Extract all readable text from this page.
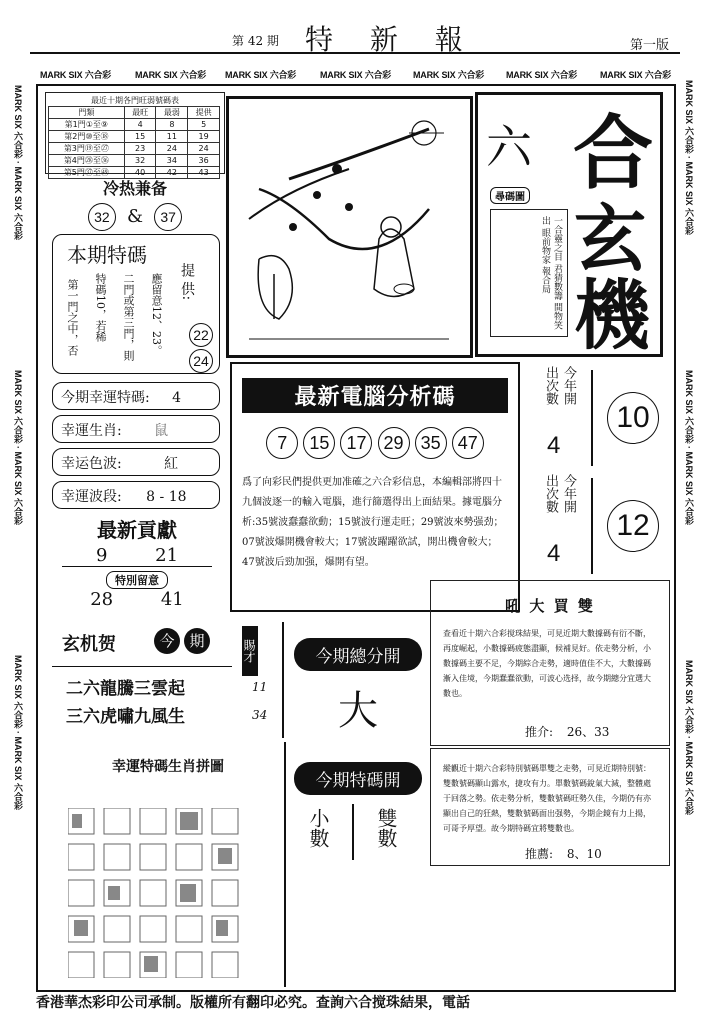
MARK SIX 六合彩	MARK SIX 六合彩 MARK SIX 六合彩	MARK SIX 六合彩 MARK SIX 六合彩 MARK SIX 六合彩	MARK SIX 六合彩
MARK SIX 六合彩 · MARK SIX 六合彩
MARK SIX 六合彩 · MARK SIX 六合彩
MARK SIX 六合彩 · MARK SIX 六合彩
MARK SIX 六合彩 · MARK SIX 六合彩
MARK SIX 六合彩 · MARK SIX 六合彩
MARK SIX 六合彩 · MARK SIX 六合彩
第 42 期 特 新 報	第一版
最近十期各門旺弱號碼表
門類	最旺	最弱	提供
第1門①至⑨	4	8	5
第2門⑩至⑱	15	11	19
第3門⑲至㉗	23	24	24
第4門㉘至㊱	32	34	36
第5門㊲至㊾	40	42	43
冷热兼备
32 & 37
本期特碼
提 供:
第一門之中，否 特碼10，若稀 二門或第三門，則 應留意12、23。	22
24
今期幸運特碼: 4
幸運生肖: 鼠
幸运色波:	紅
幸運波段: 8 - 18
最新貢獻
9	21
特別留意
28	41
六 合
玄
機
尋碼圖
一合靈之目 君猜數籌 間物笑出 眼前物家 報合局
最新電腦分析碼
7 15 17 29 35 47
爲了向彩民們提供更加准確之六合彩信息，本編輯部將四十九個波逐一的輸入電腦，進行篩選得出上面結果。據電腦分析:35號波蠢蠢欲動；15號波行運走旺；29號波來勢强劲；07號波爆開機會較大；17號波躍躍欲試，開出機會較大；47號波后勁加强，爆開有望。
出次數 今年開
4
10
出次數 今年開
4
12
玄机贺	今 期	賜才
二六龍騰三雲起	11
三六虎嘯九風生	34
今期總分開
大
吼 大 買 雙
查看近十期六合彩搅珠結果，可見近期大數據碼有衍不斷，再度崛起，小數據碼疲態盡顯，候補見好。依走勢分析，小數據碼主要不足，今期綜合走勢，適時值佳不大，大數據碼漸入佳境，今期蠢蠢欲動，可波心选择，故今期總分宜選大數也。
推介: 26、33
今期特碼開
小數 雙數
縱觀近十期六合彩特別號碼單雙之走勢，可見近期特別號：雙數號碼顯山露水，捷攻有力。單數號碼銳氣大減，整體處于回落之勢。依走勢分析，雙數號碼旺勢久佳，今期仍有亦顯出自己的狂熱，雙數號碼面出强勢，今期企鏡有力上揚，可哥予厚望。故今期特碼宜將雙數也。
推薦: 8、10
幸運特碼生肖拼圖
香港華杰彩印公司承制。版權所有翻印必究。查詢六合搅珠結果，電話
